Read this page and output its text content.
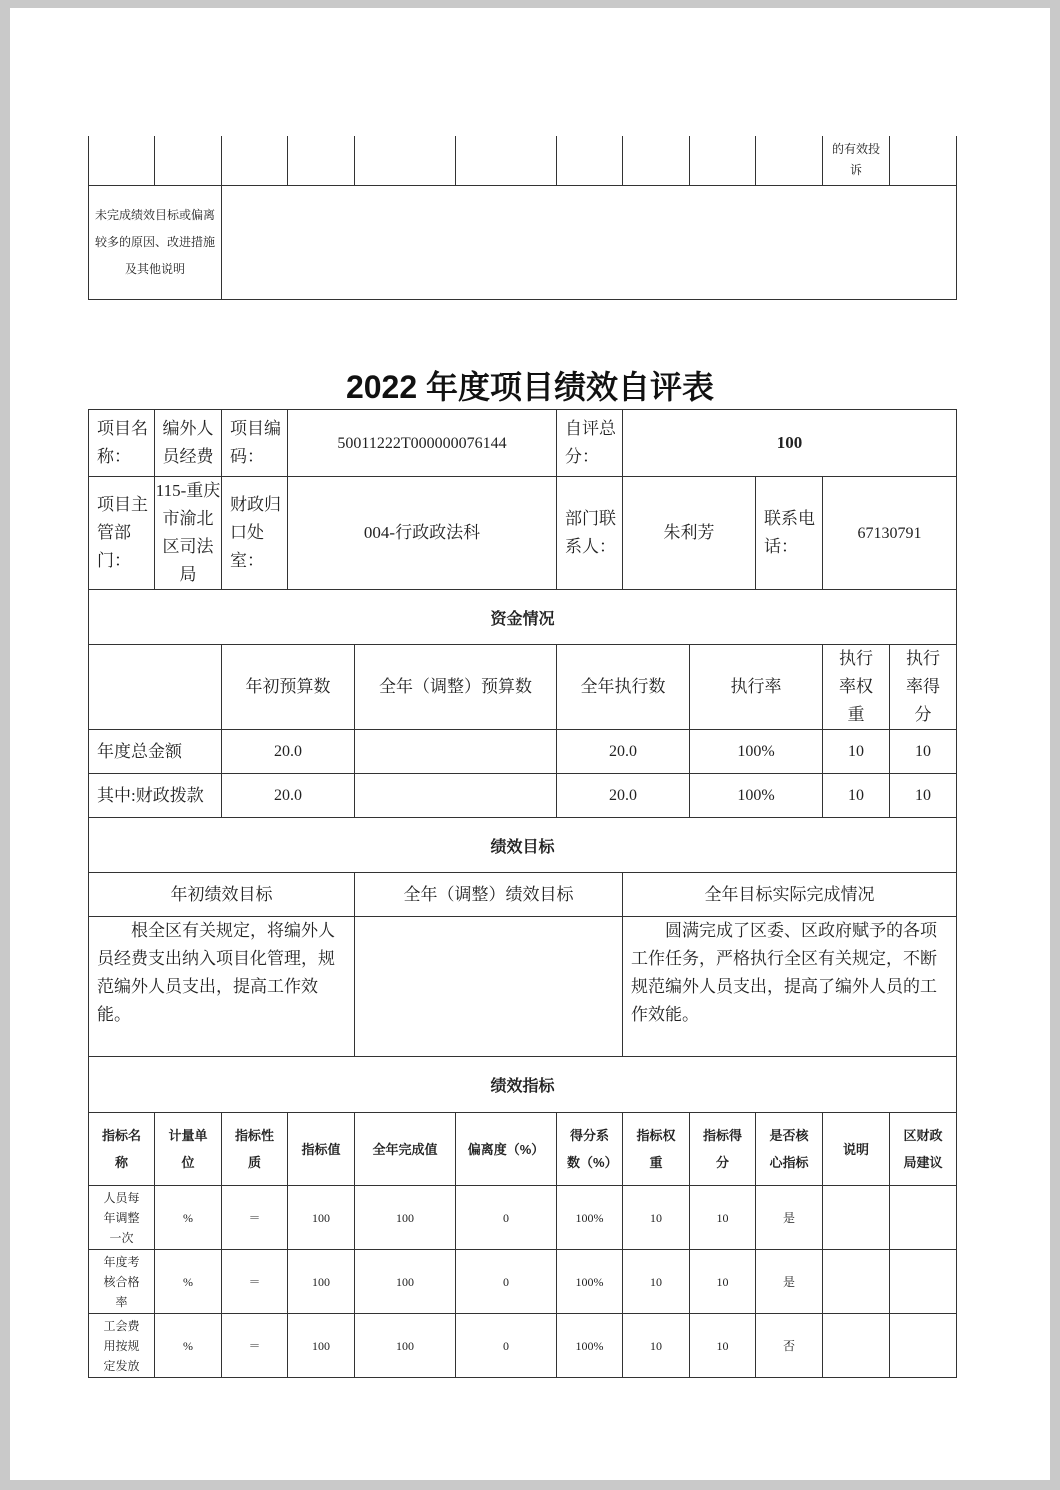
										的有效投诉	
未完成绩效目标或偏离较多的原因、改进措施及其他说明											
2022 年度项目绩效自评表
项目名称：	编外人员经费	项目编码：	50011222T000000076144			自评总分：	100				
项目主管部门：	115-重庆市渝北区司法局	财政归口处室：	004-行政政法科			部门联系人：	朱利芳		联系电话：	67130791	
资金情况											
		年初预算数		全年（调整）预算数		全年执行数		执行率		执行率权重	执行率得分
年度总金额		20.0				20.0		100%		10	10
其中:财政拨款		20.0				20.0		100%		10	10
绩效目标											
年初绩效目标				全年（调整）绩效目标			全年目标实际完成情况				
根全区有关规定，将编外人员经费支出纳入项目化管理，规范编外人员支出，提高工作效能。							圆满完成了区委、区政府赋予的各项工作任务，严格执行全区有关规定，不断规范编外人员支出，提高了编外人员的工作效能。				
绩效指标											
指标名称	计量单位	指标性质	指标值	全年完成值	偏离度（%）	得分系数（%）	指标权重	指标得分	是否核心指标	说明	区财政局建议
人员每年调整一次	%	＝	100	100	0	100%	10	10	是		
年度考核合格率	%	＝	100	100	0	100%	10	10	是		
工会费用按规定发放	%	＝	100	100	0	100%	10	10	否		
